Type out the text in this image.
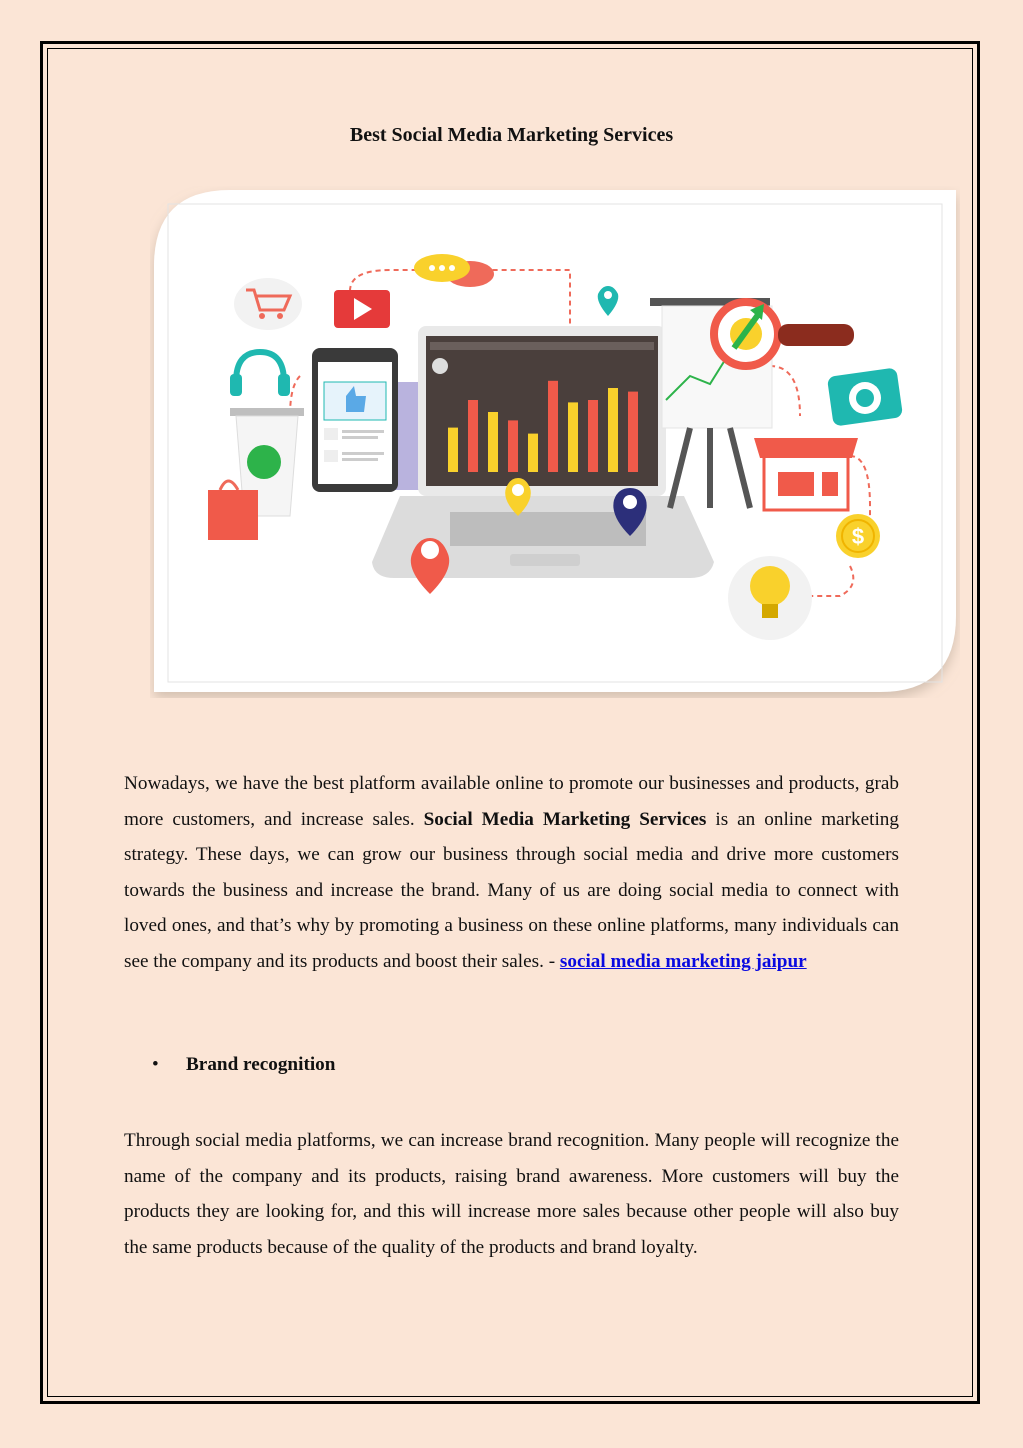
Best Social Media Marketing Services
$

Nowadays, we have the best platform available online to promote our businesses and products, grab more customers, and increase sales. Social Media Marketing Services is an online marketing strategy. These days, we can grow our business through social media and drive more customers towards the business and increase the brand. Many of us are doing social media to connect with loved ones, and that’s why by promoting a business on these online platforms, many individuals can see the company and its products and boost their sales. - social media marketing jaipur

• Brand recognition

Through social media platforms, we can increase brand recognition. Many people will recognize the name of the company and its products, raising brand awareness. More customers will buy the products they are looking for, and this will increase more sales because other people will also buy the same products because of the quality of the products and brand loyalty.
